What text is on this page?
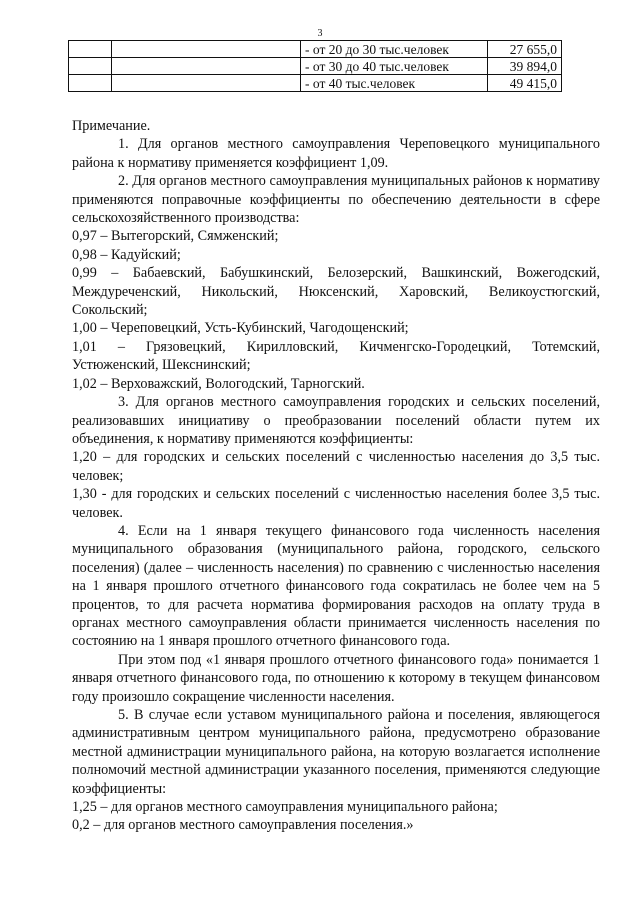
3
		- от 20 до 30 тыс.человек	27 655,0
		- от 30 до 40 тыс.человек	39 894,0
		- от 40 тыс.человек	49 415,0

Примечание.

1. Для органов местного самоуправления Череповецкого муниципального района к нормативу применяется коэффициент 1,09.

2. Для органов местного самоуправления муниципальных районов к нормативу применяются поправочные коэффициенты по обеспечению деятельности в сфере сельскохозяйственного производства:

0,97 – Вытегорский, Сямженский;

0,98 – Кадуйский;

0,99 – Бабаевский, Бабушкинский, Белозерский, Вашкинский, Вожегодский, Междуреченский, Никольский, Нюксенский, Харовский, Великоустюгский, Сокольский;

1,00 – Череповецкий, Усть-Кубинский, Чагодощенский;

1,01 – Грязовецкий, Кирилловский, Кичменгско-Городецкий, Тотемский, Устюженский, Шекснинский;

1,02 – Верховажский, Вологодский, Тарногский.

3. Для органов местного самоуправления городских и сельских поселений, реализовавших инициативу о преобразовании поселений области путем их объединения, к нормативу применяются коэффициенты:

1,20 – для городских и сельских поселений с численностью населения до 3,5 тыс. человек;

1,30 - для городских и сельских поселений с численностью населения более 3,5 тыс. человек.

4. Если на 1 января текущего финансового года численность населения муниципального образования (муниципального района, городского, сельского поселения) (далее – численность населения) по сравнению с численностью населения на 1 января прошлого отчетного финансового года сократилась не более чем на 5 процентов, то для расчета норматива формирования расходов на оплату труда в органах местного самоуправления области принимается численность населения по состоянию на 1 января прошлого отчетного финансового года.

При этом под «1 января прошлого отчетного финансового года» понимается 1 января отчетного финансового года, по отношению к которому в текущем финансовом году произошло сокращение численности населения.

5. В случае если уставом муниципального района и поселения, являющегося административным центром муниципального района, предусмотрено образование местной администрации муниципального района, на которую возлагается исполнение полномочий местной администрации указанного поселения, применяются следующие коэффициенты:

1,25 – для органов местного самоуправления муниципального района;

0,2 – для органов местного самоуправления поселения.»
